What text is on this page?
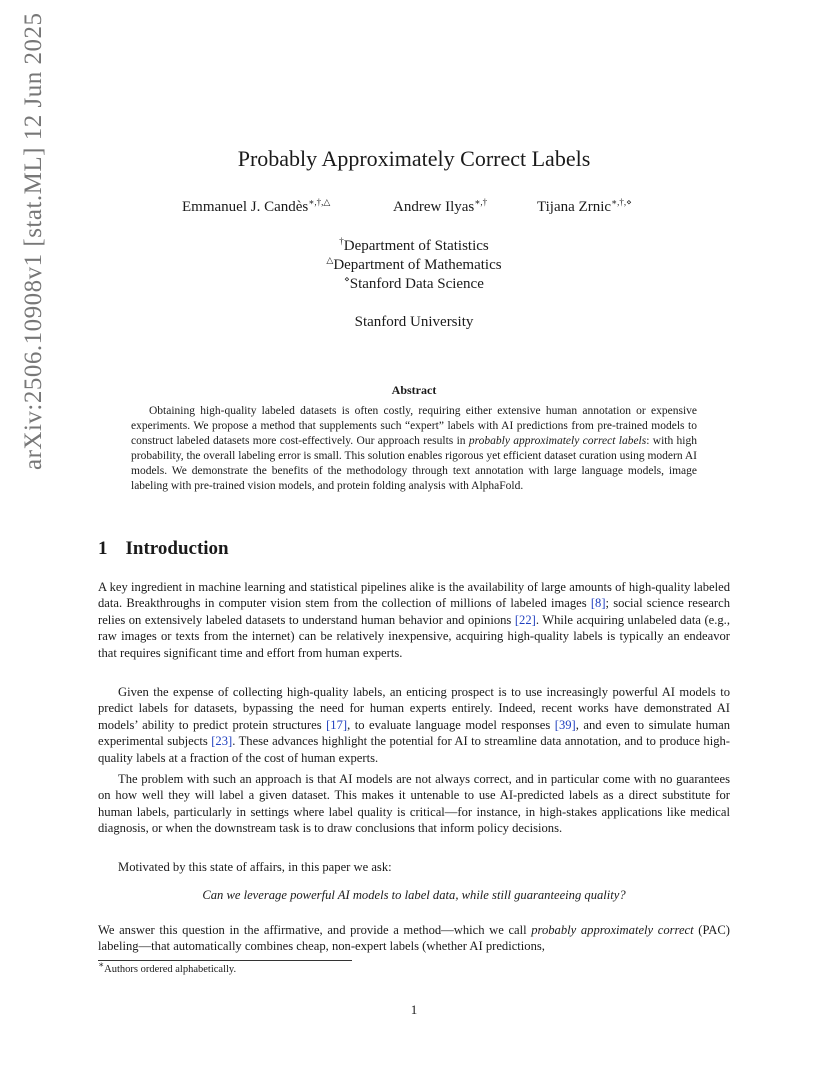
arXiv:2506.10908v1 [stat.ML] 12 Jun 2025	Probably Approximately Correct Labels
Emmanuel J. Candès∗,†,△	Andrew Ilyas∗,†	Tijana Zrnic∗,†,⋄
†Department of Statistics
△Department of Mathematics
⋄Stanford Data Science
Stanford University
Abstract
Obtaining high-quality labeled datasets is often costly, requiring either extensive human annotation or expensive experiments. We propose a method that supplements such “expert” labels with AI predictions from pre-trained models to construct labeled datasets more cost-effectively. Our approach results in probably approximately correct labels: with high probability, the overall labeling error is small. This solution enables rigorous yet efficient dataset curation using modern AI models. We demonstrate the benefits of the methodology through text annotation with large language models, image labeling with pre-trained vision models, and protein folding analysis with AlphaFold.
1 Introduction
A key ingredient in machine learning and statistical pipelines alike is the availability of large amounts of high-quality labeled data. Breakthroughs in computer vision stem from the collection of millions of labeled images [8]; social science research relies on extensively labeled datasets to understand human behavior and opinions [22]. While acquiring unlabeled data (e.g., raw images or texts from the internet) can be relatively inexpensive, acquiring high-quality labels is typically an endeavor that requires significant time and effort from human experts.
Given the expense of collecting high-quality labels, an enticing prospect is to use increasingly powerful AI models to predict labels for datasets, bypassing the need for human experts entirely. Indeed, recent works have demonstrated AI models’ ability to predict protein structures [17], to evaluate language model responses [39], and even to simulate human experimental subjects [23]. These advances highlight the potential for AI to streamline data annotation, and to produce high-quality labels at a fraction of the cost of human experts.
The problem with such an approach is that AI models are not always correct, and in particular come with no guarantees on how well they will label a given dataset. This makes it untenable to use AI-predicted labels as a direct substitute for human labels, particularly in settings where label quality is critical—for instance, in high-stakes applications like medical diagnosis, or when the downstream task is to draw conclusions that inform policy decisions.
Motivated by this state of affairs, in this paper we ask:
Can we leverage powerful AI models to label data, while still guaranteeing quality?
We answer this question in the affirmative, and provide a method—which we call probably approximately correct (PAC) labeling—that automatically combines cheap, non-expert labels (whether AI predictions,
∗Authors ordered alphabetically.
1
